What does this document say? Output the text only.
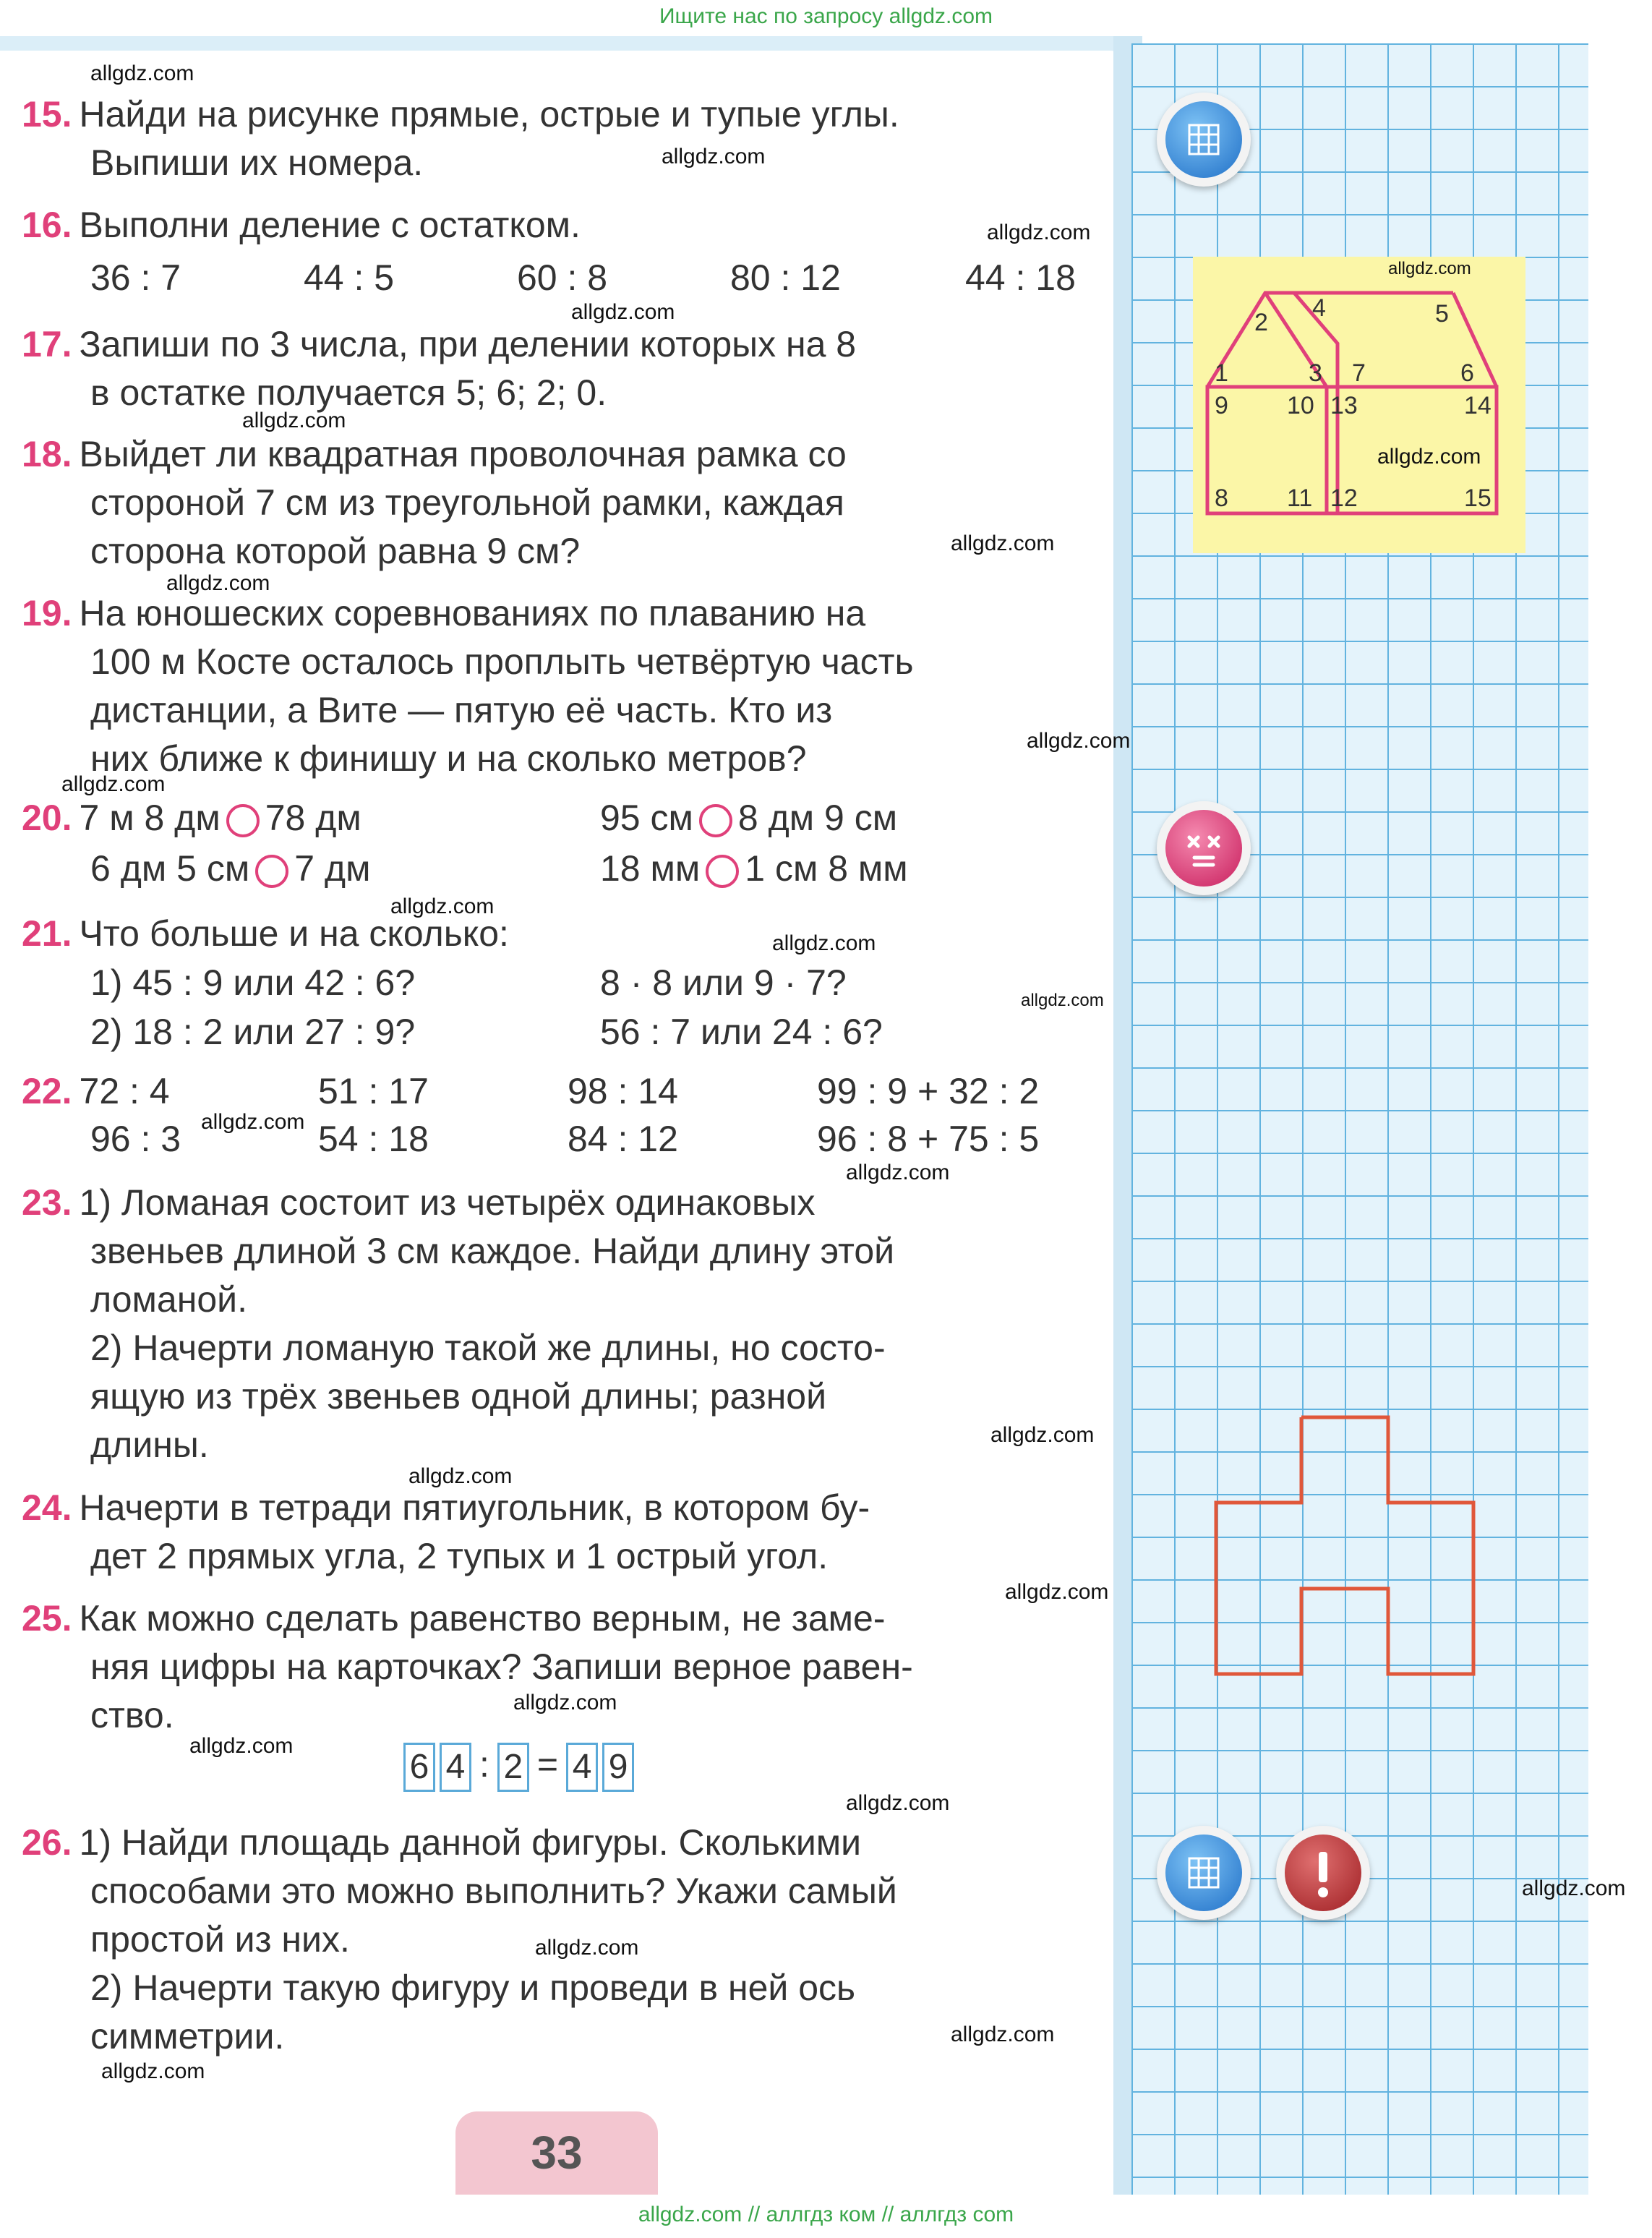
Ищите нас по запросу allgdz.com
15. Найди на рисунке прямые, острые и тупые углы.
Выпиши их номера.
16. Выполни деление с остатком.
36 : 7	44 : 5	60 : 8	80 : 12	44 : 18
17. Запиши по 3 числа, при делении которых на 8
в остатке получается 5; 6; 2; 0.
18. Выйдет ли квадратная проволочная рамка со
стороной 7 см из треугольной рамки, каждая
сторона которой равна 9 см?
19. На юношеских соревнованиях по плаванию на
100 м Косте осталось проплыть четвёртую часть
дистанции, а Вите — пятую её часть. Кто из
них ближе к финишу и на сколько метров?
20. 7 м 8 дм 78 дм	95 см 8 дм 9 см
6 дм 5 см 7 дм	18 мм 1 см 8 мм
21. Что больше и на сколько:
1) 45 : 9 или 42 : 6?	8 · 8 или 9 · 7?
2) 18 : 2 или 27 : 9?	56 : 7 или 24 : 6?
22. 72 : 4	51 : 17	98 : 14	99 : 9 + 32 : 2
96 : 3	54 : 18	84 : 12	96 : 8 + 75 : 5
23. 1) Ломаная состоит из четырёх одинаковых
звеньев длиной 3 см каждое. Найди длину этой
ломаной.
2) Начерти ломаную такой же длины, но состо-
ящую из трёх звеньев одной длины; разной
длины.
24. Начерти в тетради пятиугольник, в котором бу-
дет 2 прямых угла, 2 тупых и 1 острый угол.
25. Как можно сделать равенство верным, не заме-
няя цифры на карточках? Запиши верное равен-
ство.
6 4 : 2 = 4 9
26. 1) Найди площадь данной фигуры. Сколькими
способами это можно выполнить? Укажи самый
простой из них.
2) Начерти такую фигуру и проведи в ней ось
симметрии.
33
1
2
3
4	5
6
7
8
9 10
11 12
13	14
15
allgdz.com
allgdz.com
allgdz.com
allgdz.com
allgdz.com
allgdz.com
allgdz.com
allgdz.com
allgdz.com
allgdz.com
allgdz.com
allgdz.com
allgdz.com
allgdz.com
allgdz.com
allgdz.com
allgdz.com
allgdz.com
allgdz.com
allgdz.com
allgdz.com
allgdz.com
allgdz.com
allgdz.com
allgdz.com
allgdz.com
allgdz.com // аллгдз ком // аллгдз com
